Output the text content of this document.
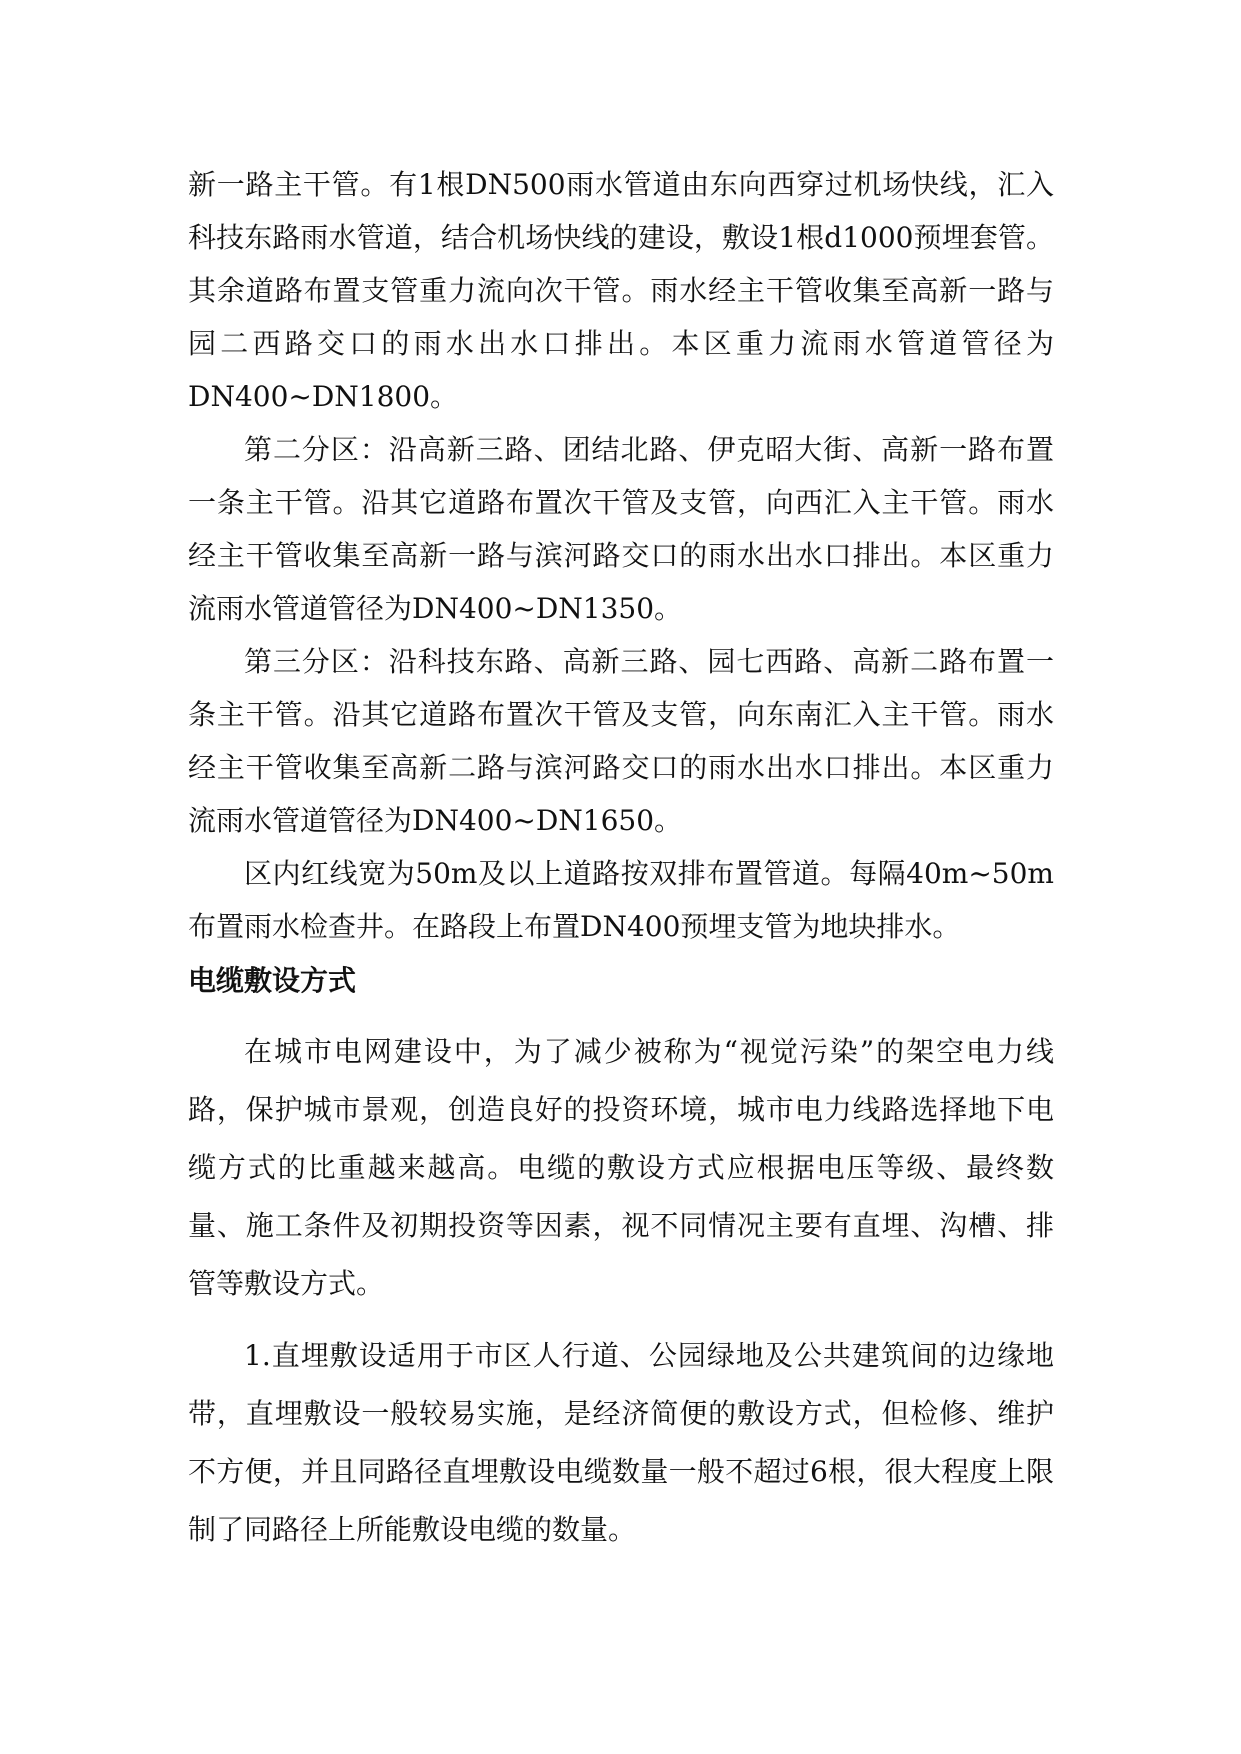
新一路主干管。有1根DN500雨水管道由东向西穿过机场快线，汇入科技东路雨水管道，结合机场快线的建设，敷设1根d1000预埋套管。其余道路布置支管重力流向次干管。雨水经主干管收集至高新一路与园二西路交口的雨水出水口排出。本区重力流雨水管道管径为DN400~DN1800。

第二分区：沿高新三路、团结北路、伊克昭大街、高新一路布置一条主干管。沿其它道路布置次干管及支管，向西汇入主干管。雨水经主干管收集至高新一路与滨河路交口的雨水出水口排出。本区重力流雨水管道管径为DN400~DN1350。

第三分区：沿科技东路、高新三路、园七西路、高新二路布置一条主干管。沿其它道路布置次干管及支管，向东南汇入主干管。雨水经主干管收集至高新二路与滨河路交口的雨水出水口排出。本区重力流雨水管道管径为DN400~DN1650。

区内红线宽为50m及以上道路按双排布置管道。每隔40m~50m布置雨水检查井。在路段上布置DN400预埋支管为地块排水。

电缆敷设方式

在城市电网建设中，为了减少被称为“视觉污染”的架空电力线路，保护城市景观，创造良好的投资环境，城市电力线路选择地下电缆方式的比重越来越高。电缆的敷设方式应根据电压等级、最终数量、施工条件及初期投资等因素，视不同情况主要有直埋、沟槽、排管等敷设方式。

1.直埋敷设适用于市区人行道、公园绿地及公共建筑间的边缘地带，直埋敷设一般较易实施，是经济简便的敷设方式，但检修、维护不方便，并且同路径直埋敷设电缆数量一般不超过6根，很大程度上限制了同路径上所能敷设电缆的数量。
